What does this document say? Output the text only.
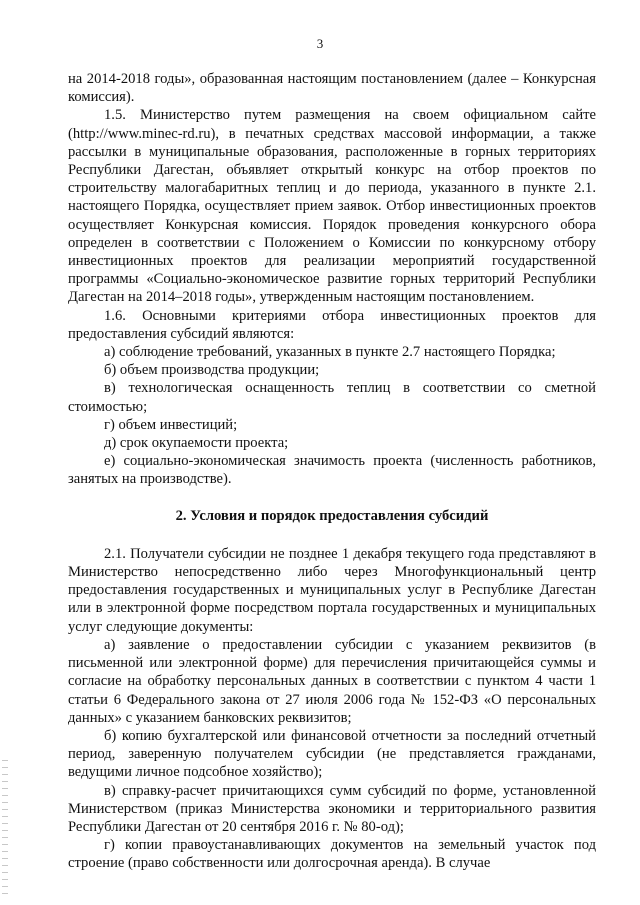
3

на 2014-2018 годы», образованная настоящим постановлением (далее – Конкурсная комиссия).

1.5. Министерство путем размещения на своем официальном сайте (http://www.minec-rd.ru), в печатных средствах массовой информации, а также рассылки в муниципальные образования, расположенные в горных территориях Республики Дагестан, объявляет открытый конкурс на отбор проектов по строительству малогабаритных теплиц и до периода, указанного в пункте 2.1. настоящего Порядка, осуществляет прием заявок. Отбор инвестиционных проектов осуществляет Конкурсная комиссия. Порядок проведения конкурсного обора определен в соответствии с Положением о Комиссии по конкурсному отбору инвестиционных проектов для реализации мероприятий государственной программы «Социально-экономическое развитие горных территорий Республики Дагестан на 2014–2018 годы», утвержденным настоящим постановлением.

1.6. Основными критериями отбора инвестиционных проектов для предоставления субсидий являются:

а) соблюдение требований, указанных в пункте 2.7 настоящего Порядка;

б) объем производства продукции;

в) технологическая оснащенность теплиц в соответствии со сметной стоимостью;

г) объем инвестиций;

д) срок окупаемости проекта;

е) социально-экономическая значимость проекта (численность работников, занятых на производстве).

2. Условия и порядок предоставления субсидий

2.1. Получатели субсидии не позднее 1 декабря текущего года представляют в Министерство непосредственно либо через Многофункциональный центр предоставления государственных и муниципальных услуг в Республике Дагестан или в электронной форме посредством портала государственных и муниципальных услуг следующие документы:

а) заявление о предоставлении субсидии с указанием реквизитов (в письменной или электронной форме) для перечисления причитающейся суммы и согласие на обработку персональных данных в соответствии с пунктом 4 части 1 статьи 6 Федерального закона от 27 июля 2006 года № 152-ФЗ «О персональных данных» с указанием банковских реквизитов;

б) копию бухгалтерской или финансовой отчетности за последний отчетный период, заверенную получателем субсидии (не представляется гражданами, ведущими личное подсобное хозяйство);

в) справку-расчет причитающихся сумм субсидий по форме, установленной Министерством (приказ Министерства экономики и территориального развития Республики Дагестан от 20 сентября 2016 г. № 80-од);

г) копии правоустанавливающих документов на земельный участок под строение (право собственности или долгосрочная аренда). В случае
